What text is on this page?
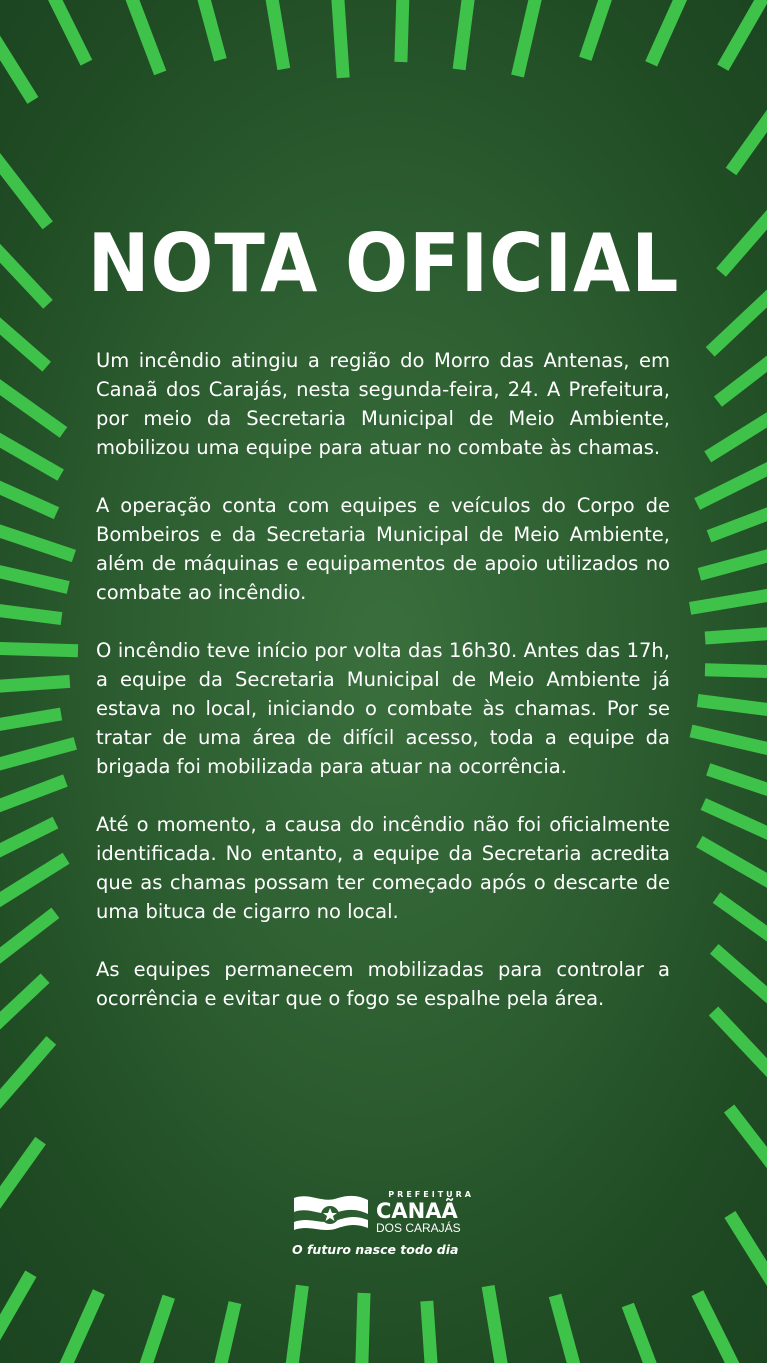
NOTA OFICIAL

Um incêndio atingiu a região do Morro das Antenas, em Canaã dos Carajás, nesta segunda-feira, 24. A Prefeitura, por meio da Secretaria Municipal de Meio Ambiente, mobilizou uma equipe para atuar no combate às chamas.

A operação conta com equipes e veículos do Corpo de Bombeiros e da Secretaria Municipal de Meio Ambiente, além de máquinas e equipamentos de apoio utilizados no combate ao incêndio.

O incêndio teve início por volta das 16h30. Antes das 17h, a equipe da Secretaria Municipal de Meio Ambiente já estava no local, iniciando o combate às chamas. Por se tratar de uma área de difícil acesso, toda a equipe da brigada foi mobilizada para atuar na ocorrência.

Até o momento, a causa do incêndio não foi oficialmente identificada. No entanto, a equipe da Secretaria acredita que as chamas possam ter começado após o descarte de uma bituca de cigarro no local.

As equipes permanecem mobilizadas para controlar a ocorrência e evitar que o fogo se espalhe pela área.

PREFEITURA
CANAÃ
DOS CARAJÁS
O futuro nasce todo dia
